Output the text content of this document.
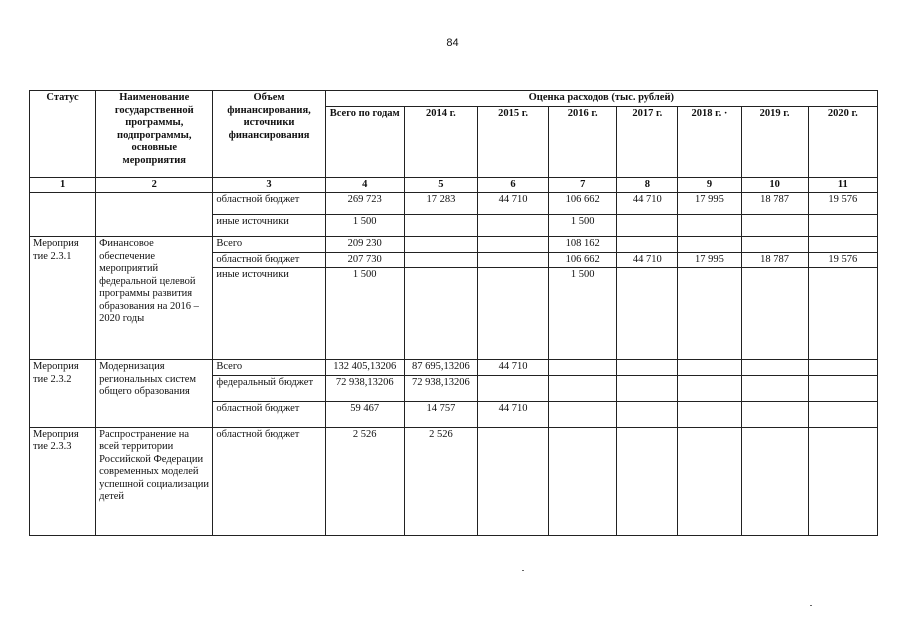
84
Статус	Наименование государственной программы, подпрограммы, основные мероприятия	Объем финансирования, источники финансирования	Оценка расходов (тыс. рублей)							
			Всего по годам	2014 г.	2015 г.	2016 г.	2017 г.	2018 г. ·	2019 г.	2020 г.
1	2	3	4	5	6	7	8	9	10	11
		областной бюджет	269 723	17 283	44 710	106 662	44 710	17 995	18 787	19 576
		иные источники	1 500			1 500				
Мероприя тие 2.3.1	Финансовое обеспечение мероприятий федеральной целевой программы развития образования на 2016 – 2020 годы	Всего	209 230			108 162				
		областной бюджет	207 730			106 662	44 710	17 995	18 787	19 576
		иные источники	1 500			1 500				
Мероприя тие 2.3.2	Модернизация региональных систем общего образования	Всего	132 405,13206	87 695,13206	44 710					
		федеральный бюджет	72 938,13206	72 938,13206						
		областной бюджет	59 467	14 757	44 710					
Мероприя тие 2.3.3	Распространение на всей территории Российской Федерации современных моделей успешной социализации детей	областной бюджет	2 526	2 526						
